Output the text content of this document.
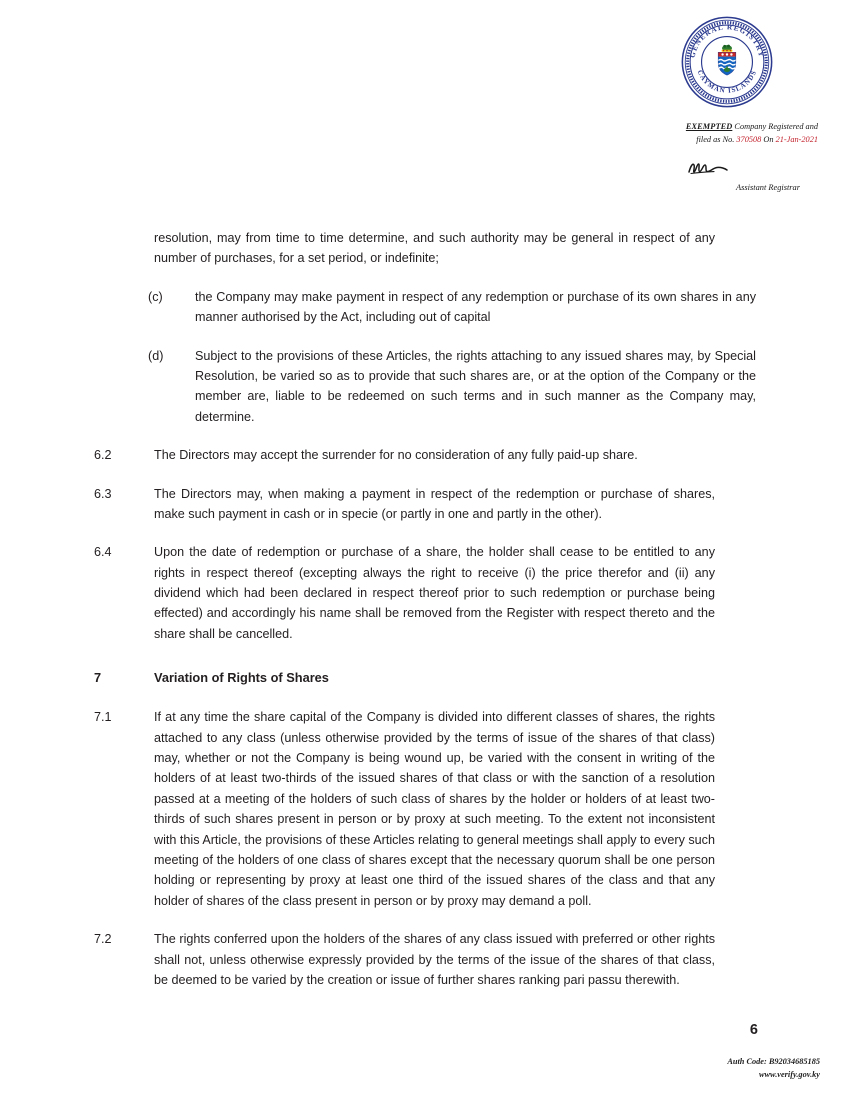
GENERAL REGISTRY
CAYMAN ISLANDS
EXEMPTED Company Registered and
filed as No. 370508 On 21-Jan-2021
Assistant Registrar
resolution, may from time to time determine, and such authority may be general in respect of any number of purchases, for a set period, or indefinite;
(c)	the Company may make payment in respect of any redemption or purchase of its own shares in any manner authorised by the Act, including out of capital
(d)	Subject to the provisions of these Articles, the rights attaching to any issued shares may, by Special Resolution, be varied so as to provide that such shares are, or at the option of the Company or the member are, liable to be redeemed on such terms and in such manner as the Company may, determine.
6.2	The Directors may accept the surrender for no consideration of any fully paid-up share.
6.3	The Directors may, when making a payment in respect of the redemption or purchase of shares, make such payment in cash or in specie (or partly in one and partly in the other).
6.4	Upon the date of redemption or purchase of a share, the holder shall cease to be entitled to any rights in respect thereof (excepting always the right to receive (i) the price therefor and (ii) any dividend which had been declared in respect thereof prior to such redemption or purchase being effected) and accordingly his name shall be removed from the Register with respect thereto and the share shall be cancelled.
7	Variation of Rights of Shares
7.1	If at any time the share capital of the Company is divided into different classes of shares, the rights attached to any class (unless otherwise provided by the terms of issue of the shares of that class) may, whether or not the Company is being wound up, be varied with the consent in writing of the holders of at least two-thirds of the issued shares of that class or with the sanction of a resolution passed at a meeting of the holders of such class of shares by the holder or holders of at least two-thirds of such shares present in person or by proxy at such meeting. To the extent not inconsistent with this Article, the provisions of these Articles relating to general meetings shall apply to every such meeting of the holders of one class of shares except that the necessary quorum shall be one person holding or representing by proxy at least one third of the issued shares of the class and that any holder of shares of the class present in person or by proxy may demand a poll.
7.2	The rights conferred upon the holders of the shares of any class issued with preferred or other rights shall not, unless otherwise expressly provided by the terms of the issue of the shares of that class, be deemed to be varied by the creation or issue of further shares ranking pari passu therewith.
6
Auth Code: B92034685185
www.verify.gov.ky
